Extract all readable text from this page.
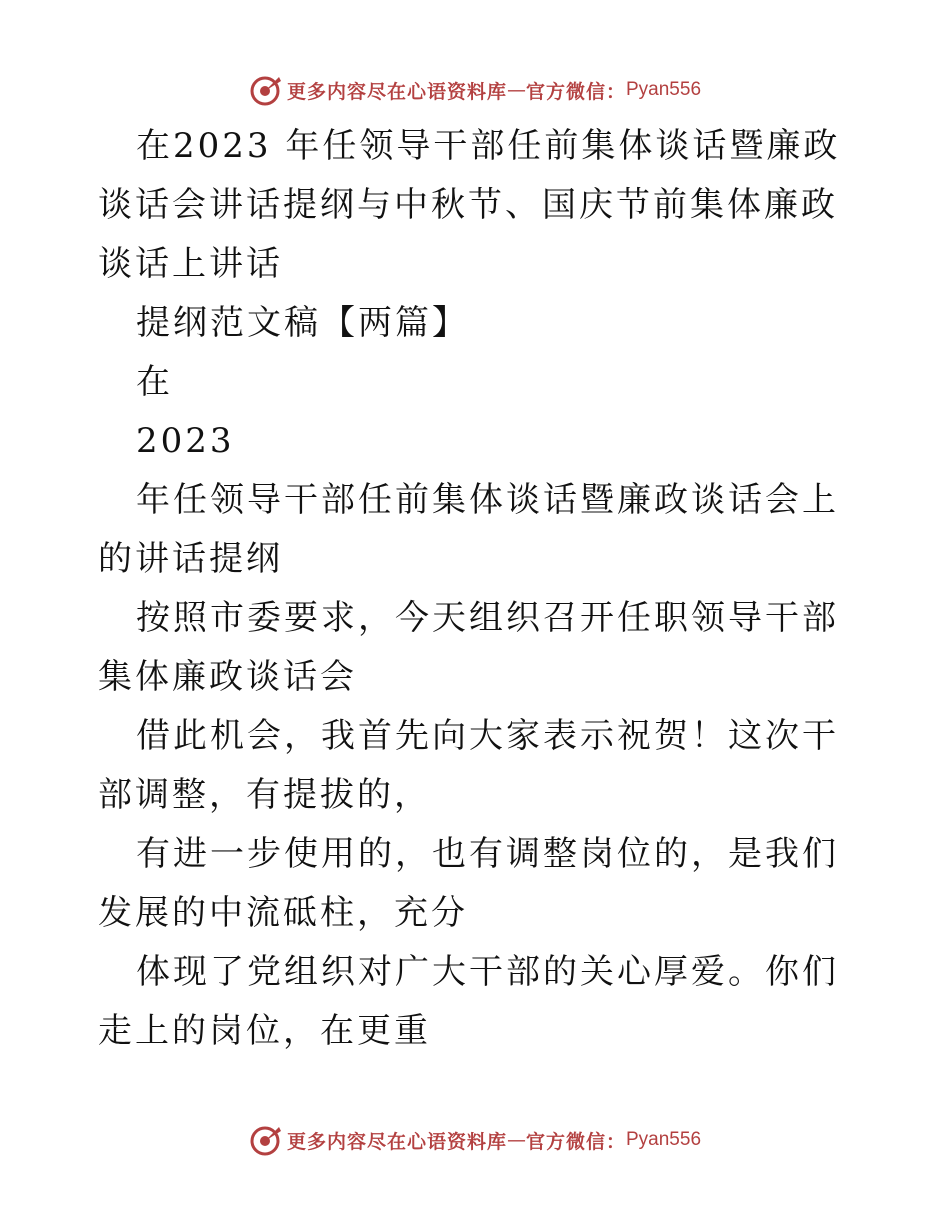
更多内容尽在心语资料库 — 官方微信： Pyan556

在2023 年任领导干部任前集体谈话暨廉政谈话会讲话提纲与中秋节、国庆节前集体廉政谈话上讲话

提纲范文稿【两篇】

在

2023

年任领导干部任前集体谈话暨廉政谈话会上的讲话提纲

按照市委要求，今天组织召开任职领导干部集体廉政谈话会

借此机会，我首先向大家表示祝贺！这次干部调整，有提拔的，

有进一步使用的，也有调整岗位的，是我们发展的中流砥柱，充分

体现了党组织对广大干部的关心厚爱。你们走上的岗位，在更重

更多内容尽在心语资料库 — 官方微信： Pyan556
